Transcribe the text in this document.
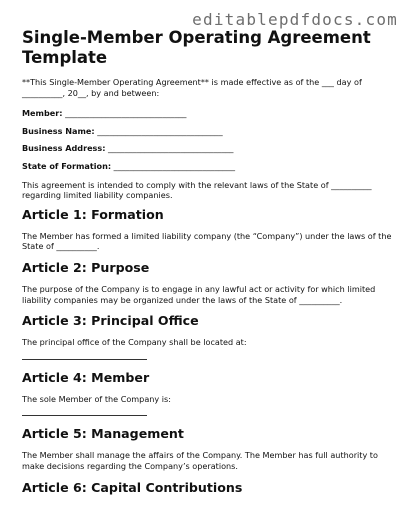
editablepdfdocs.com
Single-Member Operating Agreement Template

**This Single-Member Operating Agreement** is made effective as of the ___ day of __________, 20__, by and between:

Member: ______________________________

Business Name: _______________________________

Business Address: _______________________________

State of Formation: ______________________________

This agreement is intended to comply with the relevant laws of the State of __________ regarding limited liability companies.

Article 1: Formation

The Member has formed a limited liability company (the “Company”) under the laws of the State of __________.

Article 2: Purpose

The purpose of the Company is to engage in any lawful act or activity for which limited liability companies may be organized under the laws of the State of __________.

Article 3: Principal Office

The principal office of the Company shall be located at:

Article 4: Member

The sole Member of the Company is:

Article 5: Management

The Member shall manage the affairs of the Company. The Member has full authority to make decisions regarding the Company’s operations.

Article 6: Capital Contributions
